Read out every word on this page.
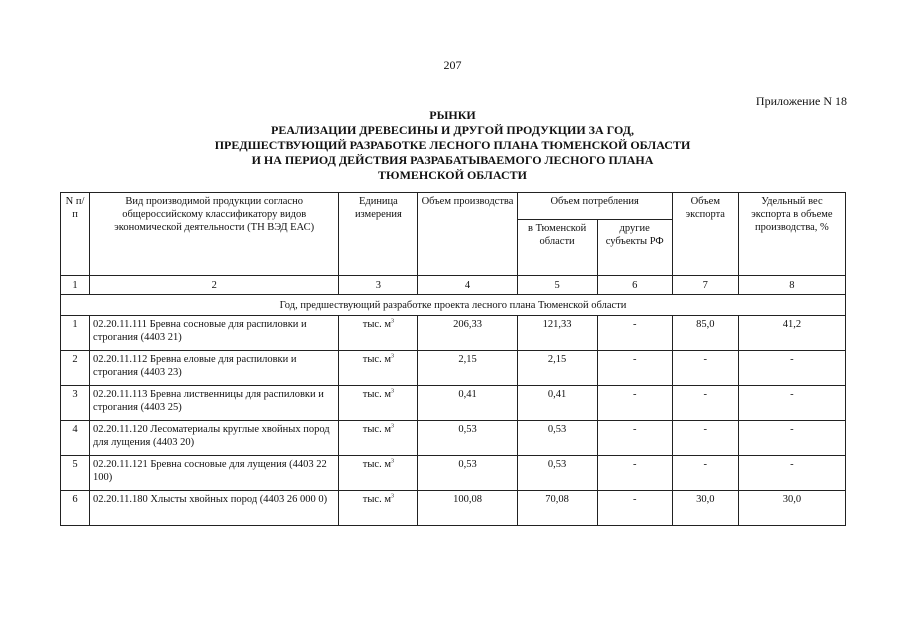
207
Приложение N 18
РЫНКИ
РЕАЛИЗАЦИИ ДРЕВЕСИНЫ И ДРУГОЙ ПРОДУКЦИИ ЗА ГОД,
ПРЕДШЕСТВУЮЩИЙ РАЗРАБОТКЕ ЛЕСНОГО ПЛАНА ТЮМЕНСКОЙ ОБЛАСТИ
И НА ПЕРИОД ДЕЙСТВИЯ РАЗРАБАТЫВАЕМОГО ЛЕСНОГО ПЛАНА
ТЮМЕНСКОЙ ОБЛАСТИ
N п/п	Вид производимой продукции согласно общероссийскому классификатору видов экономической деятельности (ТН ВЭД ЕАС)	Единица измерения	Объем производства	Объем потребления		Объем экспорта	Удельный вес экспорта в объеме производства, %
				в Тюменской области	другие субъекты РФ		
1	2	3	4	5	6	7	8
Год, предшествующий разработке проекта лесного плана Тюменской области							
1	02.20.11.111 Бревна сосновые для распиловки и строгания (4403 21)	тыс. $м^3$	206,33	121,33	-	85,0	41,2
2	02.20.11.112 Бревна еловые для распиловки и строгания (4403 23)	тыс. $м^3$	2,15	2,15	-	-	-
3	02.20.11.113 Бревна лиственницы для распиловки и строгания (4403 25)	тыс. $м^3$	0,41	0,41	-	-	-
4	02.20.11.120 Лесоматериалы круглые хвойных пород для лущения (4403 20)	тыс. $м^3$	0,53	0,53	-	-	-
5	02.20.11.121 Бревна сосновые для лущения (4403 22 100)	тыс. $м^3$	0,53	0,53	-	-	-
6	02.20.11.180 Хлысты хвойных пород (4403 26 000 0)	тыс. $м^3$	100,08	70,08	-	30,0	30,0
